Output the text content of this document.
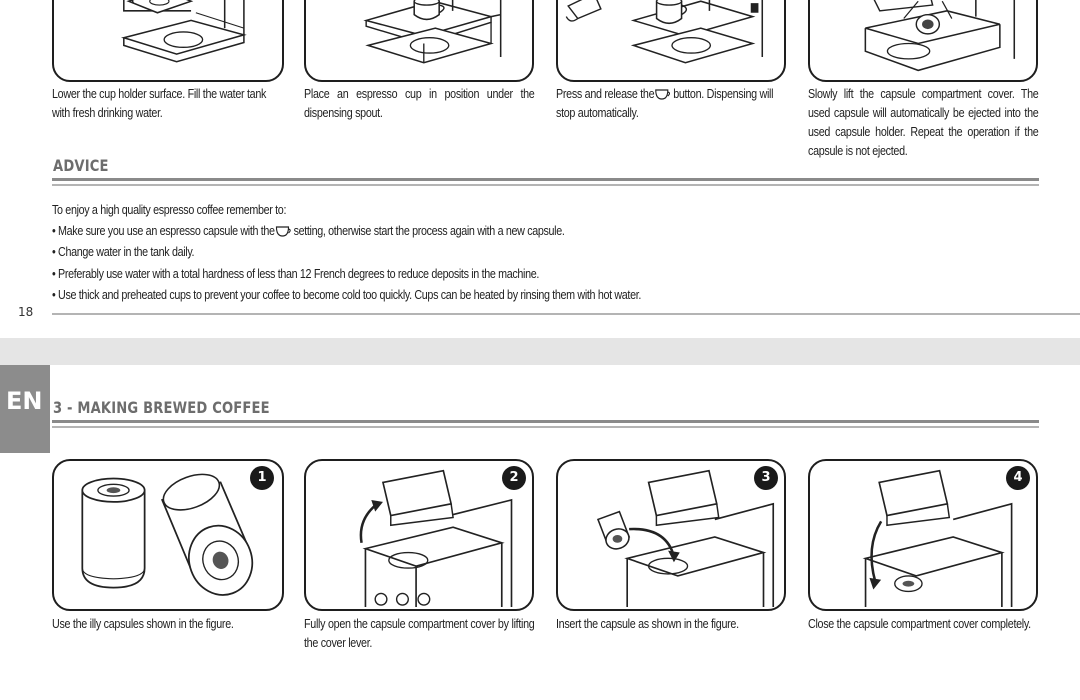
Lower the cup holder surface. Fill the water tank with fresh drinking water.
Place an espresso cup in position under the dispensing spout.
Press and release the button. Dispensing will stop automatically.
Slowly lift the capsule compartment cover. The used capsule will automatically be ejected into the used capsule holder. Repeat the operation if the capsule is not ejected.
ADVICE
To enjoy a high quality espresso coffee remember to:
• Make sure you use an espresso capsule with the setting, otherwise start the process again with a new capsule.
• Change water in the tank daily.
• Preferably use water with a total hardness of less than 12 French degrees to reduce deposits in the machine.
• Use thick and preheated cups to prevent your coffee to become cold too quickly. Cups can be heated by rinsing them with hot water.
18
EN 3 - MAKING BREWED COFFEE
1	2	3	4
Use the illy capsules shown in the figure.	Fully open the capsule compartment cover by lifting the cover lever.
Insert the capsule as shown in the figure.	Close the capsule compartment cover completely.
